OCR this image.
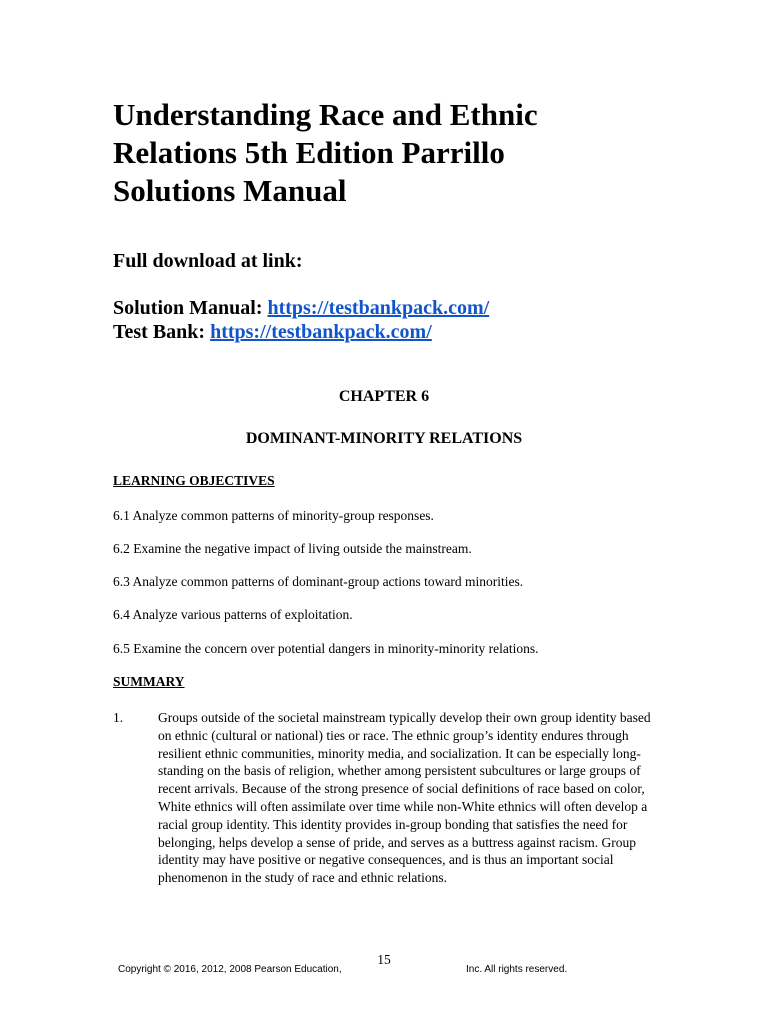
Understanding Race and Ethnic
Relations 5th Edition Parrillo
Solutions Manual

Full download at link:

Solution Manual: https://testbankpack.com/
Test Bank: https://testbankpack.com/

CHAPTER 6

DOMINANT-MINORITY RELATIONS

LEARNING OBJECTIVES

6.1 Analyze common patterns of minority-group responses.

6.2 Examine the negative impact of living outside the mainstream.

6.3 Analyze common patterns of dominant-group actions toward minorities.

6.4 Analyze various patterns of exploitation.

6.5 Examine the concern over potential dangers in minority-minority relations.

SUMMARY

1.	Groups outside of the societal mainstream typically develop their own group identity based on ethnic (cultural or national) ties or race. The ethnic group’s identity endures through resilient ethnic communities, minority media, and socialization. It can be especially long-standing on the basis of religion, whether among persistent subcultures or large groups of recent arrivals. Because of the strong presence of social definitions of race based on color, White ethnics will often assimilate over time while non-White ethnics will often develop a racial group identity. This identity provides in-group bonding that satisfies the need for belonging, helps develop a sense of pride, and serves as a buttress against racism. Group identity may have positive or negative consequences, and is thus an important social phenomenon in the study of race and ethnic relations.

15

Copyright © 2016, 2012, 2008 Pearson Education,	Inc. All rights reserved.
